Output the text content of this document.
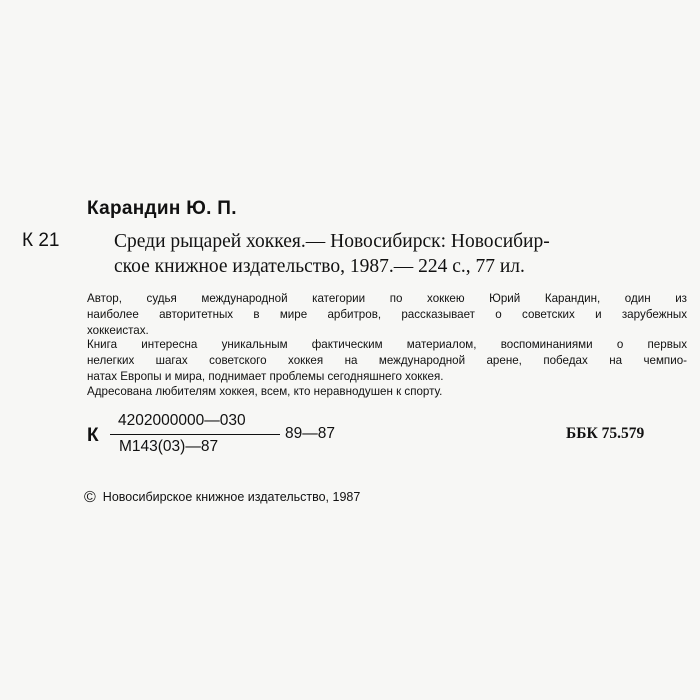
Карандин Ю. П.
К 21	Среди рыцарей хоккея.— Новосибирск: Новосибир-
ское книжное издательство, 1987.— 224 с., 77 ил.
Автор, судья международной категории по хоккею Юрий Карандин, один из
наиболее авторитетных в мире арбитров, рассказывает о советских и зарубежных
хоккеистах.
Книга интересна уникальным фактическим материалом, воспоминаниями о первых
нелегких шагах советского хоккея на международной арене, победах на чемпио-
натах Европы и мира, поднимает проблемы сегодняшнего хоккея.
Адресована любителям хоккея, всем, кто неравнодушен к спорту.
К
4202000000—030
М143(03)—87
89—87	ББК 75.579
© Новосибирское книжное издательство, 1987
